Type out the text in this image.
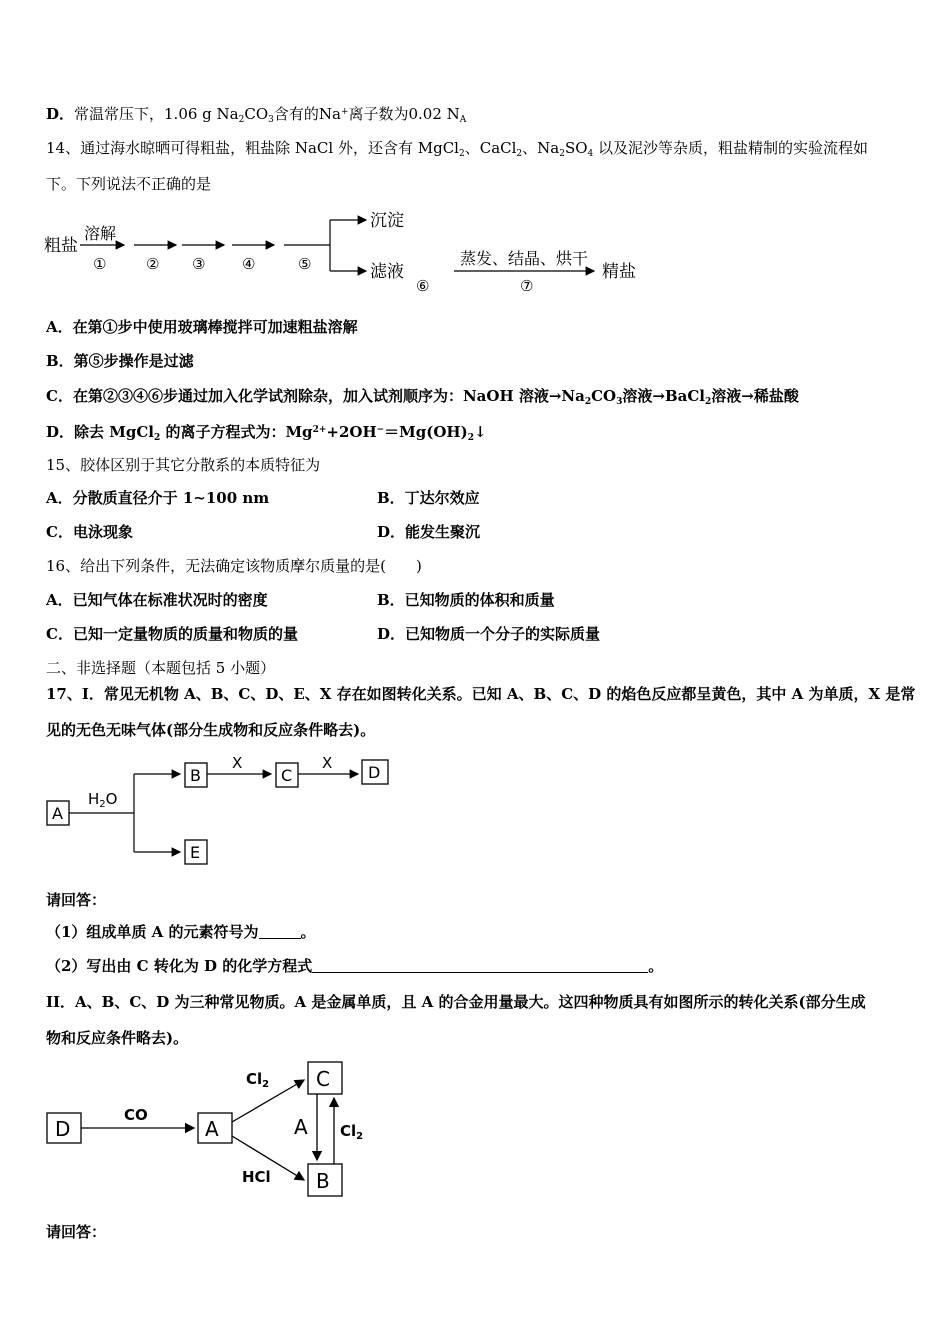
D．常温常压下，1.06 g $Na_2CO_3$含有的Na+离子数为0.02 $N_A$
14、通过海水晾晒可得粗盐，粗盐除 NaCl 外，还含有 MgCl$_2$、CaCl$_2$、$Na_2SO_4$ 以及泥沙等杂质，粗盐精制的实验流程如
下。下列说法不正确的是
粗盐
溶解
①	② ③ ④	⑤
沉淀
滤液
⑥
蒸发、结晶、烘干
⑦
精盐
A．在第①步中使用玻璃棒搅拌可加速粗盐溶解
B．第⑤步操作是过滤
C．在第②③④⑥步通过加入化学试剂除杂，加入试剂顺序为：NaOH 溶液$\to Na_2CO_3$溶液→BaCl$_2$溶液→稀盐酸
D．除去 MgCl$_2$ 的离子方程式为：$Mg^{2+}+2OH^-=Mg(OH)_2↓$
15、胶体区别于其它分散系的本质特征为
A．分散质直径介于 1~100 nm	B．丁达尔效应
C．电泳现象	D．能发生聚沉
16、给出下列条件，无法确定该物质摩尔质量的是(　　)
A．已知气体在标准状况时的密度	B．已知物质的体积和质量
C．已知一定量物质的质量和物质的量	D．已知物质一个分子的实际质量
二、非选择题（本题包括 5 小题）
17、I．常见无机物 A、B、C、D、E、X 存在如图转化关系。已知 A、B、C、D 的焰色反应都呈黄色，其中 A 为单质，X 是常
见的无色无味气体(部分生成物和反应条件略去)。
A
$H_2O$
B
E
X
C
X D
请回答：
（1）组成单质 A 的元素符号为	。
（2）写出由 C 转化为 D 的化学方程式	。
II．A、B、C、D 为三种常见物质。A 是金属单质，且 A 的合金用量最大。这四种物质具有如图所示的转化关系(部分生成
物和反应条件略去)。
D
CO
A
$Cl_2$
HCl
C
B
A $Cl_2$
请回答：
